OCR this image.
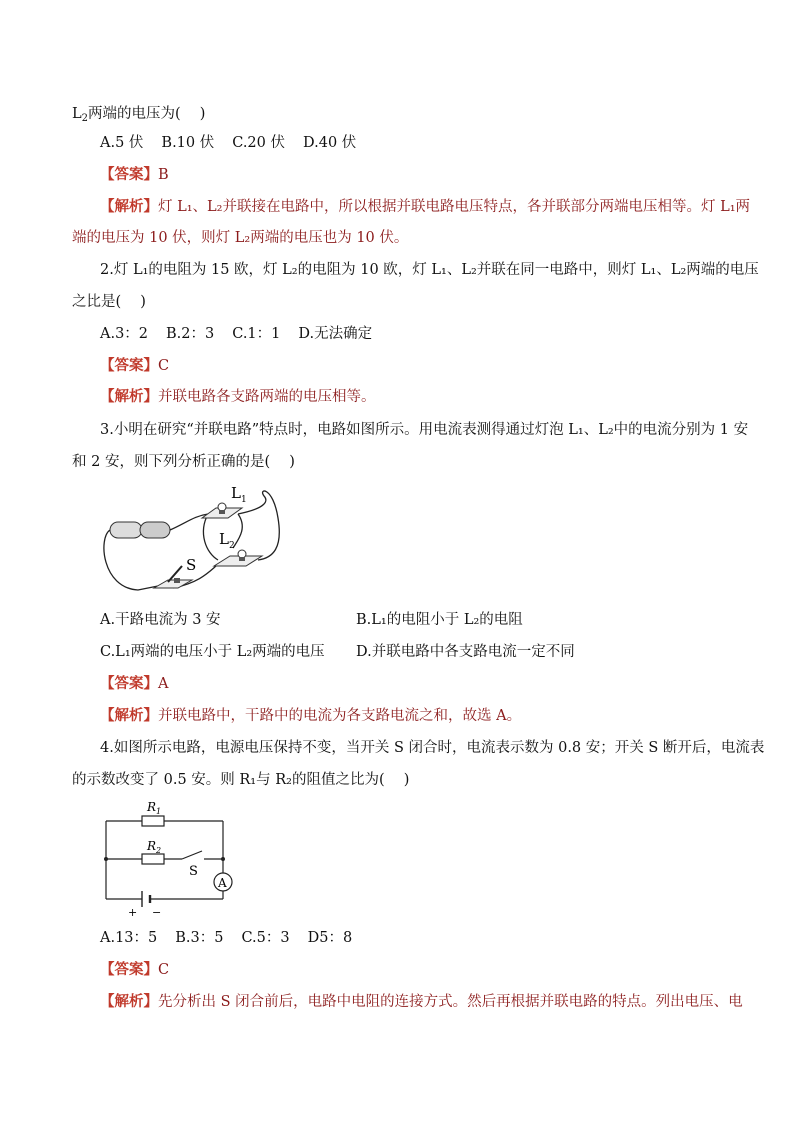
$L_2$两端的电压为(　 )
A.5 伏 B.10 伏 C.20 伏 D.40 伏
【答案】B
【解析】灯 L₁、L₂并联接在电路中，所以根据并联电路电压特点，各并联部分两端电压相等。灯 L₁两
端的电压为 10 伏，则灯 L₂两端的电压也为 10 伏。
2.灯 L₁的电阻为 15 欧，灯 L₂的电阻为 10 欧，灯 L₁、L₂并联在同一电路中，则灯 L₁、L₂两端的电压
之比是(　 )
A.3：2 B.2：3 C.1：1 D.无法确定
【答案】C
【解析】并联电路各支路两端的电压相等。
3.小明在研究“并联电路”特点时，电路如图所示。用电流表测得通过灯泡 L₁、L₂中的电流分别为 1 安
和 2 安，则下列分析正确的是(　 )
$L_1$
$L_2$
S
A.干路电流为 3 安	B.L₁的电阻小于 L₂的电阻
C.L₁两端的电压小于 L₂两端的电压 D.并联电路中各支路电流一定不同
【答案】A
【解析】并联电路中，干路中的电流为各支路电流之和，故选 A。
4.如图所示电路，电源电压保持不变，当开关 S 闭合时，电流表示数为 0.8 安；开关 S 断开后，电流表
的示数改变了 0.5 安。则 R₁与 R₂的阻值之比为(　 )
A
+ −
$R_1$
$R_2$
S
A.13：5 B.3：5 C.5：3 D5：8
【答案】C
【解析】先分析出 S 闭合前后，电路中电阻的连接方式。然后再根据并联电路的特点。列出电压、电
